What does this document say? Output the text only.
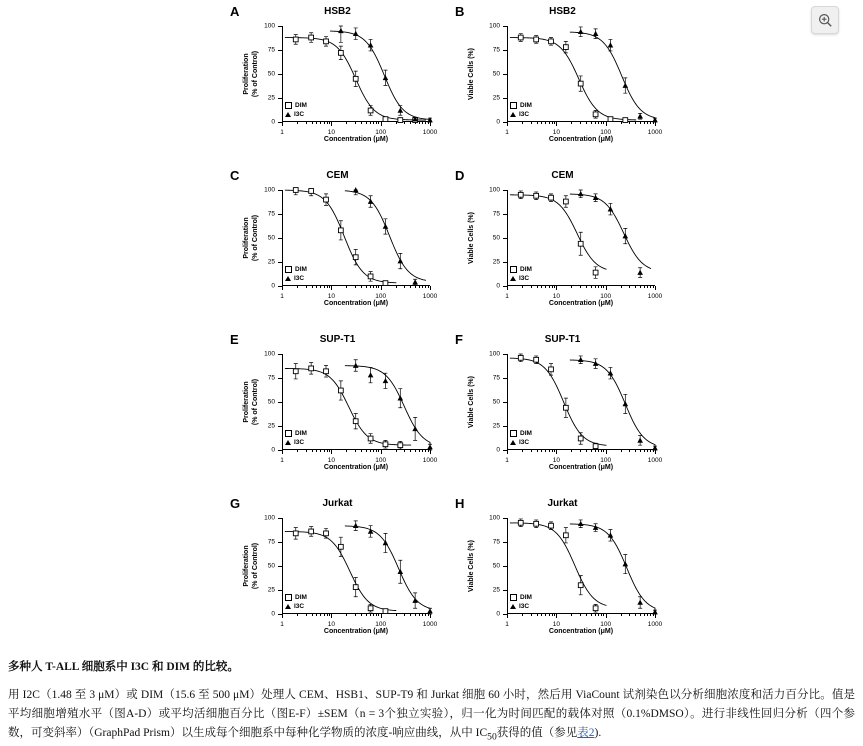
A	HSB2
Proliferation (% of Control)
Concentration (μM)
0
25
50
75
100
1	10	100	1000
DIM
I3C
B	HSB2
Viable Cells (%)
Concentration (μM)
0
25
50
75
100
1	10	100	1000
DIM
I3C
C	CEM
Proliferation (% of Control)
Concentration (μM)
0
25
50
75
100
1	10	100	1000
DIM
I3C
D	CEM
Viable Cells (%)
Concentration (μM)
0
25
50
75
100
1	10	100	1000
DIM
I3C
E	SUP-T1
Proliferation (% of Control)
Concentration (μM)
0
25
50
75
100
1	10	100	1000
DIM
I3C
F	SUP-T1
Viable Cells (%)
Concentration (μM)
0
25
50
75
100
1	10	100	1000
DIM
I3C
G	Jurkat
Proliferation (% of Control)
Concentration (μM)
0
25
50
75
100
1	10	100	1000
DIM
I3C
H	Jurkat
Viable Cells (%)
Concentration (μM)
0
25
50
75
100
1	10	100	1000
DIM
I3C
多种人 T-ALL 细胞系中 I3C 和 DIM 的比较。
用 I2C（1.48 至 3 μM）或 DIM（15.6 至 500 μM）处理人 CEM、HSB1、SUP-T9 和 Jurkat 细胞 60 小时，然后用 ViaCount 试剂染色以分析细胞浓度和活力百分比。值是平均细胞增殖水平（图A-D）或平均活细胞百分比（图E-F）±SEM（n = 3个独立实验），归一化为时间匹配的载体对照（0.1%DMSO）。进行非线性回归分析（四个参数，可变斜率）（GraphPad Prism）以生成每个细胞系中每种化学物质的浓度-响应曲线，从中 $IC_{50}$获得的值（参见表2).
